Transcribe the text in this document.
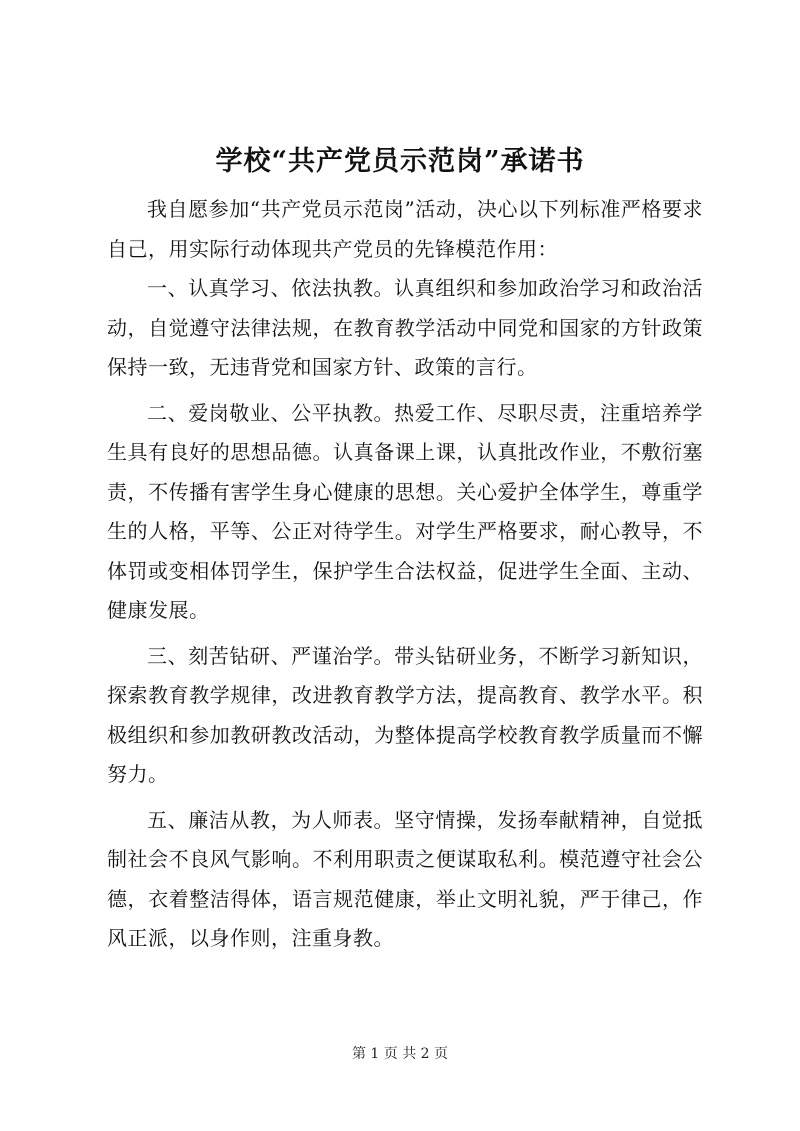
学校“共产党员示范岗”承诺书

我自愿参加“共产党员示范岗”活动，决心以下列标准严格要求自己，用实际行动体现共产党员的先锋模范作用：

一、认真学习、依法执教。认真组织和参加政治学习和政治活动，自觉遵守法律法规，在教育教学活动中同党和国家的方针政策保持一致，无违背党和国家方针、政策的言行。

二、爱岗敬业、公平执教。热爱工作、尽职尽责，注重培养学生具有良好的思想品德。认真备课上课，认真批改作业，不敷衍塞责，不传播有害学生身心健康的思想。关心爱护全体学生，尊重学生的人格，平等、公正对待学生。对学生严格要求，耐心教导，不体罚或变相体罚学生，保护学生合法权益，促进学生全面、主动、健康发展。

三、刻苦钻研、严谨治学。带头钻研业务，不断学习新知识，探索教育教学规律，改进教育教学方法，提高教育、教学水平。积极组织和参加教研教改活动，为整体提高学校教育教学质量而不懈努力。

五、廉洁从教，为人师表。坚守情操，发扬奉献精神，自觉抵制社会不良风气影响。不利用职责之便谋取私利。模范遵守社会公德，衣着整洁得体，语言规范健康，举止文明礼貌，严于律己，作风正派，以身作则，注重身教。

第 1 页 共 2 页
